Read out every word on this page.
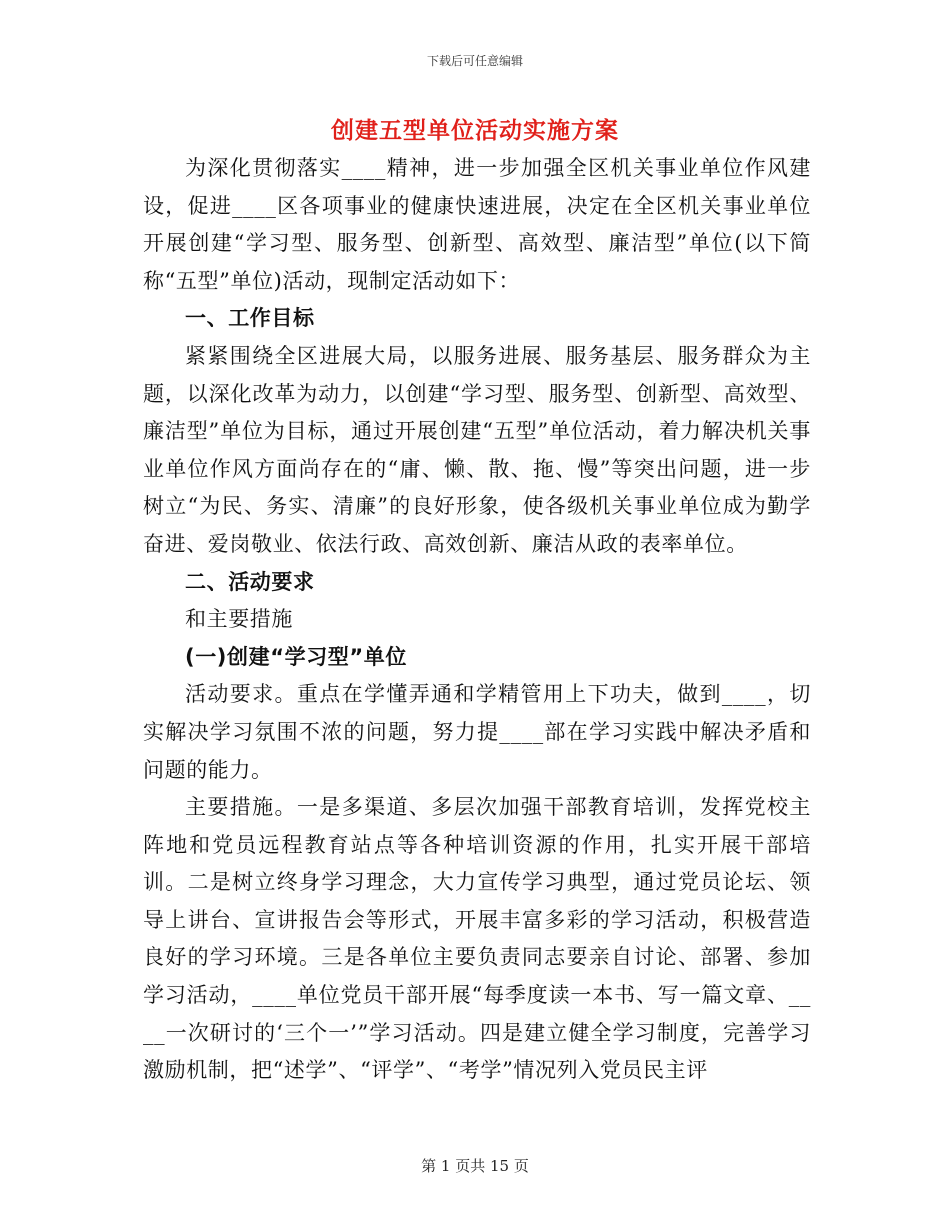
下载后可任意编辑
创建五型单位活动实施方案

为深化贯彻落实____精神，进一步加强全区机关事业单位作风建设，促进____区各项事业的健康快速进展，决定在全区机关事业单位开展创建“学习型、服务型、创新型、高效型、廉洁型”单位(以下简称“五型”单位)活动，现制定活动如下：

一、工作目标

紧紧围绕全区进展大局，以服务进展、服务基层、服务群众为主题，以深化改革为动力，以创建“学习型、服务型、创新型、高效型、廉洁型”单位为目标，通过开展创建“五型”单位活动，着力解决机关事业单位作风方面尚存在的“庸、懒、散、拖、慢”等突出问题，进一步树立“为民、务实、清廉”的良好形象，使各级机关事业单位成为勤学奋进、爱岗敬业、依法行政、高效创新、廉洁从政的表率单位。

二、活动要求

和主要措施

(一)创建“学习型”单位

活动要求。重点在学懂弄通和学精管用上下功夫，做到____，切实解决学习氛围不浓的问题，努力提____部在学习实践中解决矛盾和问题的能力。

主要措施。一是多渠道、多层次加强干部教育培训，发挥党校主阵地和党员远程教育站点等各种培训资源的作用，扎实开展干部培训。二是树立终身学习理念，大力宣传学习典型，通过党员论坛、领导上讲台、宣讲报告会等形式，开展丰富多彩的学习活动，积极营造良好的学习环境。三是各单位主要负责同志要亲自讨论、部署、参加学习活动，____单位党员干部开展“每季度读一本书、写一篇文章、____一次研讨的‘三个一’”学习活动。四是建立健全学习制度，完善学习激励机制，把“述学”、“评学”、“考学”情况列入党员民主评

第 1 页共 15 页
